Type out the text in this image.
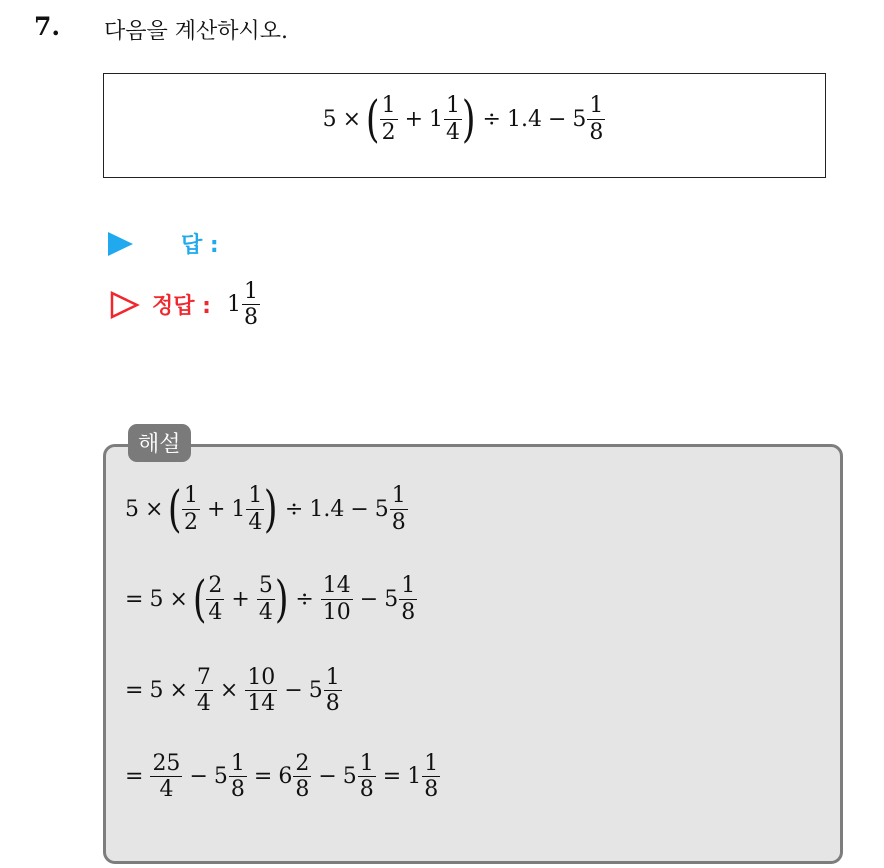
7. 다음을 계산하시오.
5 × ( $\frac{1}{2} + 1 \frac{1}{4}$ ) ÷ $1.4 - 5 \frac{1}{8}$
답 :
정답 : $1 \frac{1}{8}$
해설
5 × ( $\frac{1}{2} + 1 \frac{1}{4}$ ) ÷ $1.4 - 5 \frac{1}{8}$
= 5 × ( $\frac{2}{4} + \frac{5}{4}$ ) ÷ $\frac{14}{10} - 5 \frac{1}{8}$
= $5 \times \frac{7}{4} \times \frac{10}{14} - 5 \frac{1}{8}$
= $\frac{25}{4} - 5 \frac{1}{8} = 6 \frac{2}{8} - 5 \frac{1}{8} = 1 \frac{1}{8}$
